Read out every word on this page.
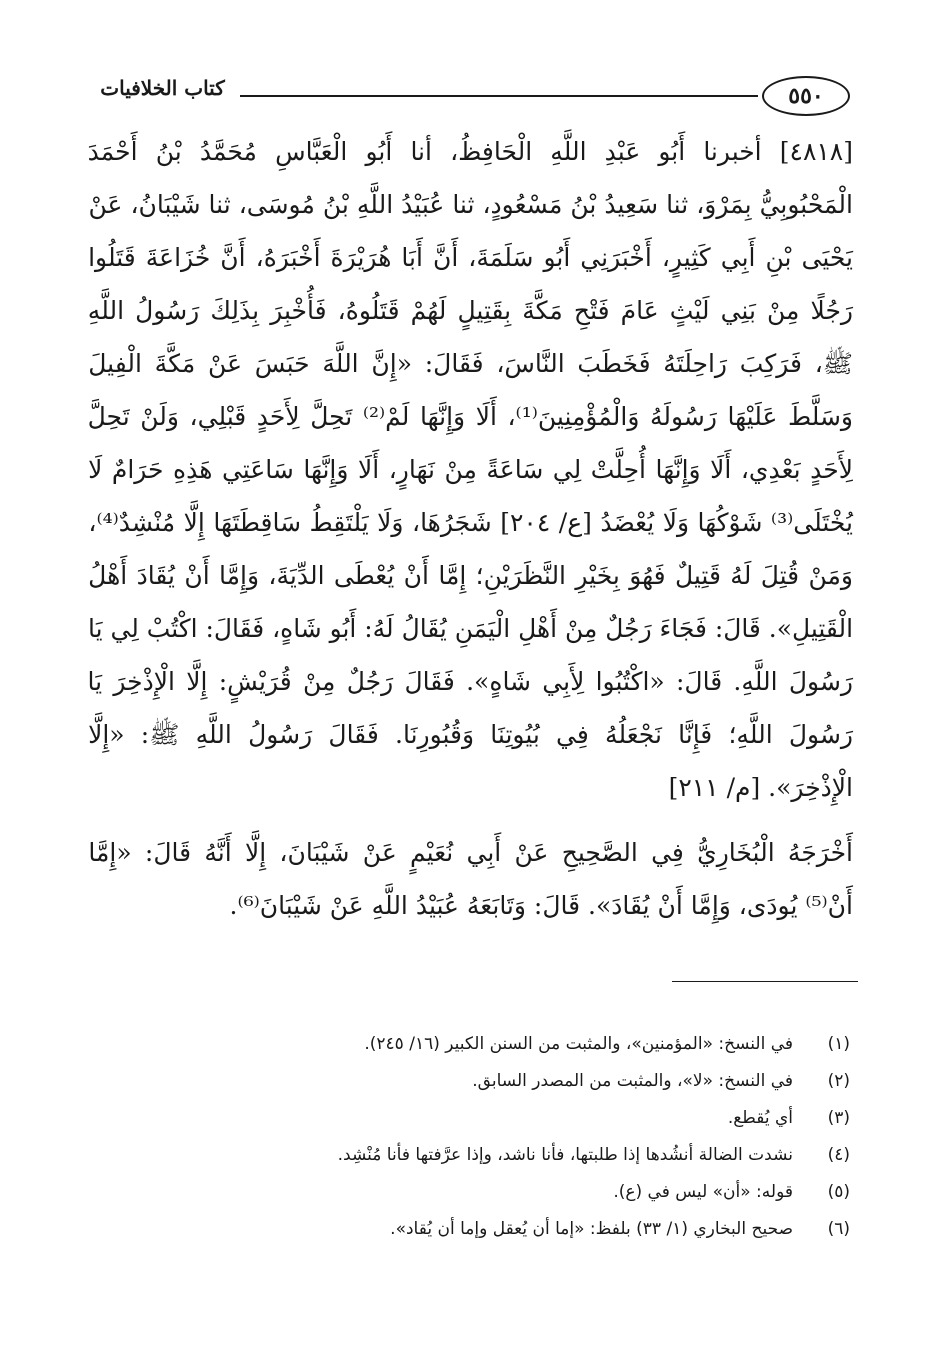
٥٥٠
كتاب الخلافيات
[٤٨١٨] أخبرنا أَبُو عَبْدِ اللَّهِ الْحَافِظُ، أنا أَبُو الْعَبَّاسِ مُحَمَّدُ بْنُ أَحْمَدَ
الْمَحْبُوبِيُّ بِمَرْوَ، ثنا سَعِيدُ بْنُ مَسْعُودٍ، ثنا عُبَيْدُ اللَّهِ بْنُ مُوسَى، ثنا شَيْبَانُ، عَنْ
يَحْيَى بْنِ أَبِي كَثِيرٍ، أَخْبَرَنِي أَبُو سَلَمَةَ، أَنَّ أَبَا هُرَيْرَةَ أَخْبَرَهُ، أَنَّ خُزَاعَةَ قَتَلُوا
رَجُلًا مِنْ بَنِي لَيْثٍ عَامَ فَتْحِ مَكَّةَ بِقَتِيلٍ لَهُمْ قَتَلُوهُ، فَأُخْبِرَ بِذَلِكَ رَسُولُ اللَّهِ
ﷺ، فَرَكِبَ رَاحِلَتَهُ فَخَطَبَ النَّاسَ، فَقَالَ: «إِنَّ اللَّهَ حَبَسَ عَنْ مَكَّةَ الْفِيلَ
وَسَلَّطَ عَلَيْهَا رَسُولَهُ وَالْمُؤْمِنِينَ⁽¹⁾، أَلَا وَإِنَّهَا لَمْ⁽²⁾ تَحِلَّ لِأَحَدٍ قَبْلِي، وَلَنْ تَحِلَّ
لِأَحَدٍ بَعْدِي، أَلَا وَإِنَّهَا أُحِلَّتْ لِي سَاعَةً مِنْ نَهَارٍ، أَلَا وَإِنَّهَا سَاعَتِي هَذِهِ حَرَامٌ لَا
يُخْتَلَى⁽³⁾ شَوْكُهَا وَلَا يُعْضَدُ [ع/ ٢٠٤] شَجَرُهَا، وَلَا يَلْتَقِطُ سَاقِطَتَهَا إِلَّا مُنْشِدٌ⁽⁴⁾،
وَمَنْ قُتِلَ لَهُ قَتِيلٌ فَهُوَ بِخَيْرِ النَّظَرَيْنِ؛ إِمَّا أَنْ يُعْطَى الدِّيَةَ، وَإِمَّا أَنْ يُقَادَ أَهْلُ
الْقَتِيلِ». قَالَ: فَجَاءَ رَجُلٌ مِنْ أَهْلِ الْيَمَنِ يُقَالُ لَهُ: أَبُو شَاهٍ، فَقَالَ: اكْتُبْ لِي يَا
رَسُولَ اللَّهِ. قَالَ: «اكْتُبُوا لِأَبِي شَاهٍ». فَقَالَ رَجُلٌ مِنْ قُرَيْشٍ: إِلَّا الْإِذْخِرَ يَا
رَسُولَ اللَّهِ؛ فَإِنَّا نَجْعَلُهُ فِي بُيُوتِنَا وَقُبُورِنَا. فَقَالَ رَسُولُ اللَّهِ ﷺ: «إِلَّا
الْإِذْخِرَ». [م/ ٢١١]
أَخْرَجَهُ الْبُخَارِيُّ فِي الصَّحِيحِ عَنْ أَبِي نُعَيْمٍ عَنْ شَيْبَانَ، إِلَّا أَنَّهُ قَالَ: «إِمَّا
أَنْ⁽⁵⁾ يُودَى، وَإِمَّا أَنْ يُقَادَ». قَالَ: وَتَابَعَهُ عُبَيْدُ اللَّهِ عَنْ شَيْبَانَ⁽⁶⁾.
(١)
في النسخ: «المؤمنين»، والمثبت من السنن الكبير (١٦/ ٢٤٥).
(٢)
في النسخ: «لا»، والمثبت من المصدر السابق.
(٣)
أي يُقطع.
(٤)
نشدت الضالة أنشُدها إذا طلبتها، فأنا ناشد، وإذا عرَّفتها فأنا مُنْشِد.
(٥)
قوله: «أن» ليس في (ع).
(٦)
صحيح البخاري (١/ ٣٣) بلفظ: «إما أن يُعقل وإما أن يُقاد».
